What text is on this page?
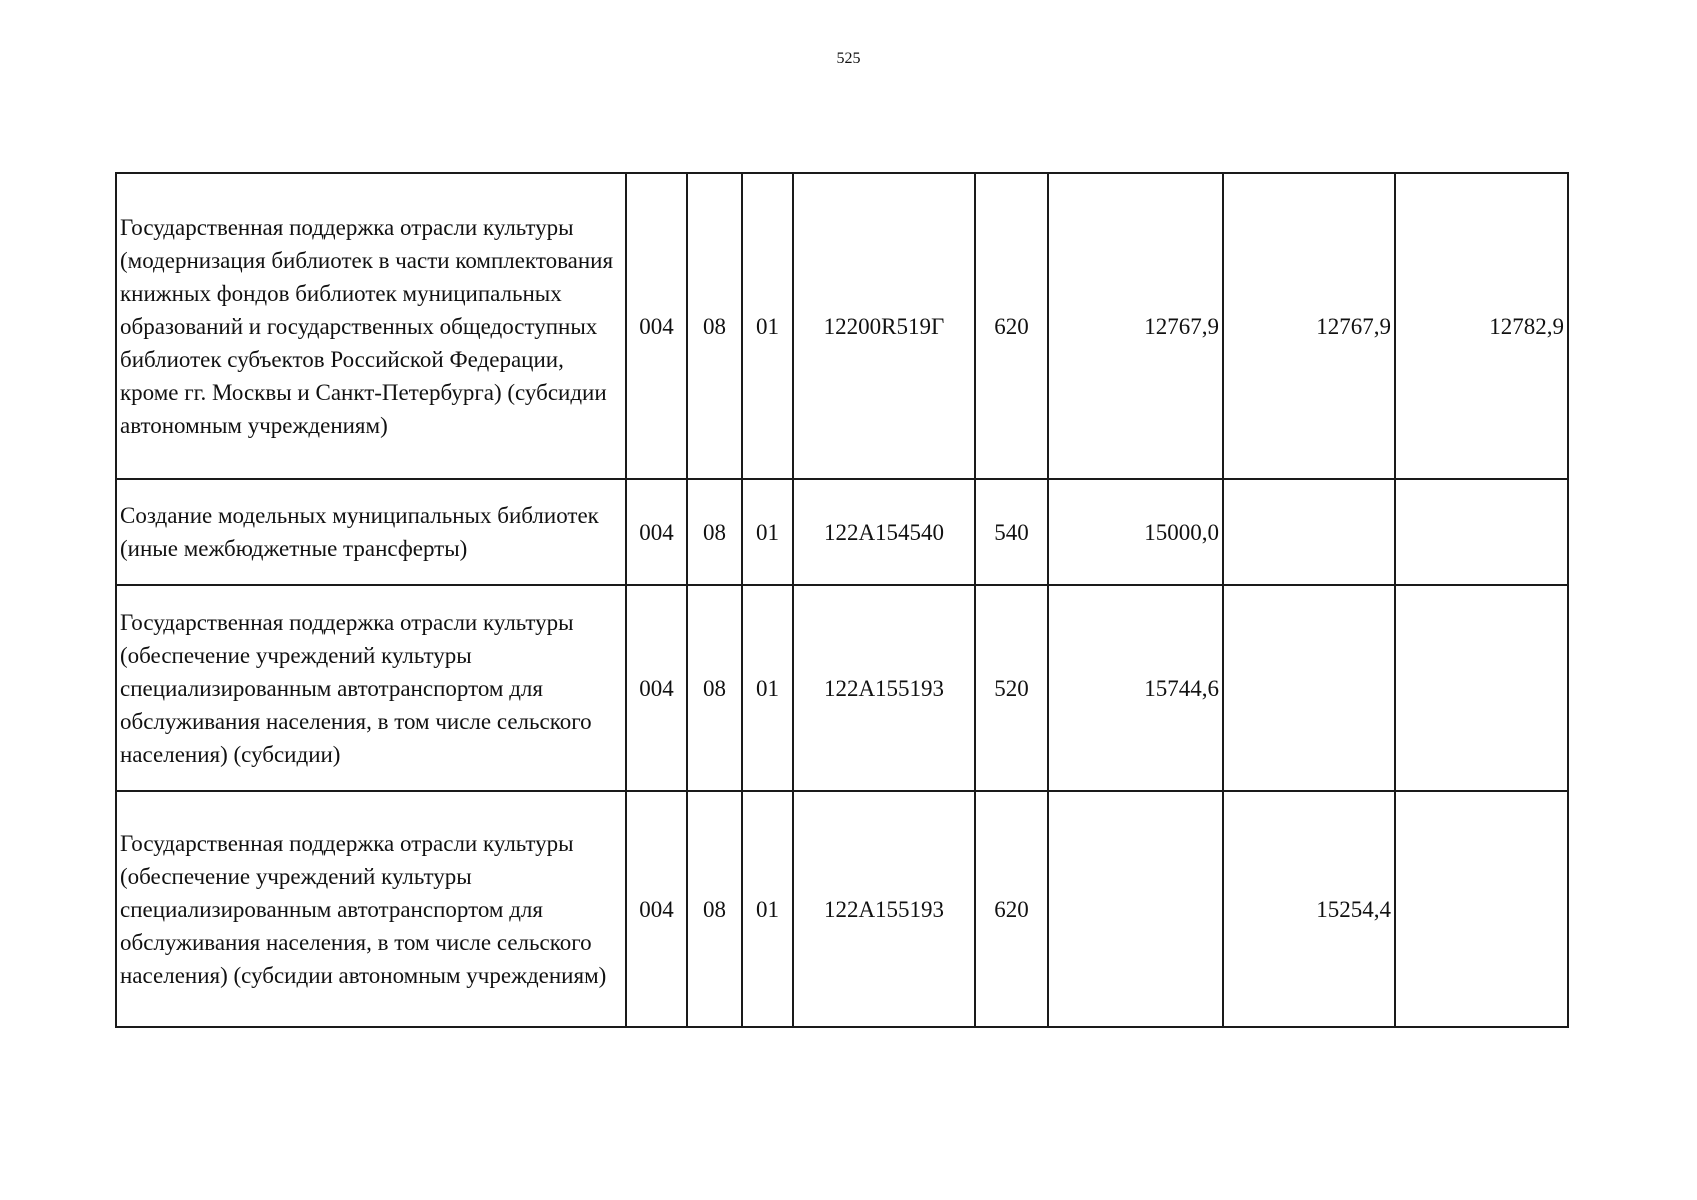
525
Государственная поддержка отрасли культуры (модернизация библиотек в части комплектования книжных фондов библиотек муниципальных образований и государственных общедоступных библиотек субъектов Российской Федерации, кроме гг. Москвы и Санкт-Петербурга) (субсидии автономным учреждениям)	004	08	01	12200R519Г	620	12767,9	12767,9	12782,9
Создание модельных муниципальных библиотек (иные межбюджетные трансферты)	004	08	01	122A154540	540	15000,0		
Государственная поддержка отрасли культуры (обеспечение учреждений культуры специализированным автотранспортом для обслуживания населения, в том числе сельского населения) (субсидии)	004	08	01	122A155193	520	15744,6		
Государственная поддержка отрасли культуры (обеспечение учреждений культуры специализированным автотранспортом для обслуживания населения, в том числе сельского населения) (субсидии автономным учреждениям)	004	08	01	122A155193	620		15254,4	
